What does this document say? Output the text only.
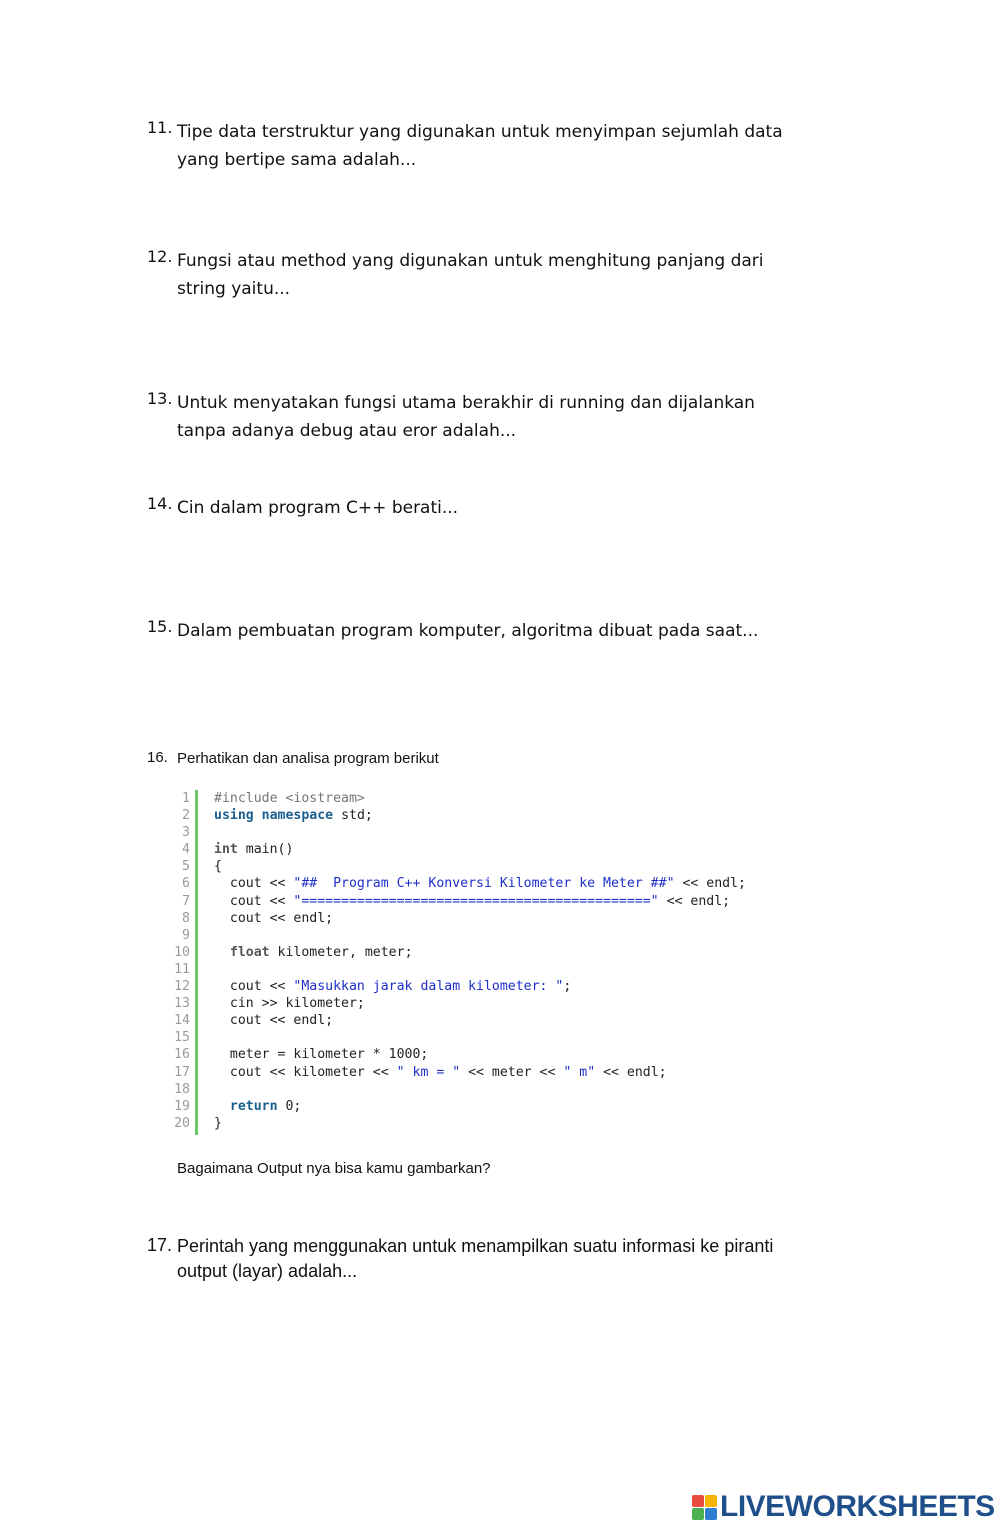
11. Tipe data terstruktur yang digunakan untuk menyimpan sejumlah data
yang bertipe sama adalah...
12. Fungsi atau method yang digunakan untuk menghitung panjang dari
string yaitu...
13. Untuk menyatakan fungsi utama berakhir di running dan dijalankan
tanpa adanya debug atau eror adalah...
14. Cin dalam program C++ berati...
15. Dalam pembuatan program komputer, algoritma dibuat pada saat...
16. Perhatikan dan analisa program berikut
1
2
3
4
5
6
7
8
9
10
11
12
13
14
15
16
17
18
19
20
#include <iostream>
using namespace std;

int main()
{
cout << "##  Program C++ Konversi Kilometer ke Meter ##" << endl;
cout << "============================================" << endl;
cout << endl;

float kilometer, meter;

cout << "Masukkan jarak dalam kilometer: ";
cin >> kilometer;
cout << endl;

meter = kilometer * 1000;
cout << kilometer << " km = " << meter << " m" << endl;

return 0;
}
Bagaimana Output nya bisa kamu gambarkan?
17. Perintah yang menggunakan untuk menampilkan suatu informasi ke piranti
output (layar) adalah...
LIVEWORKSHEETS
